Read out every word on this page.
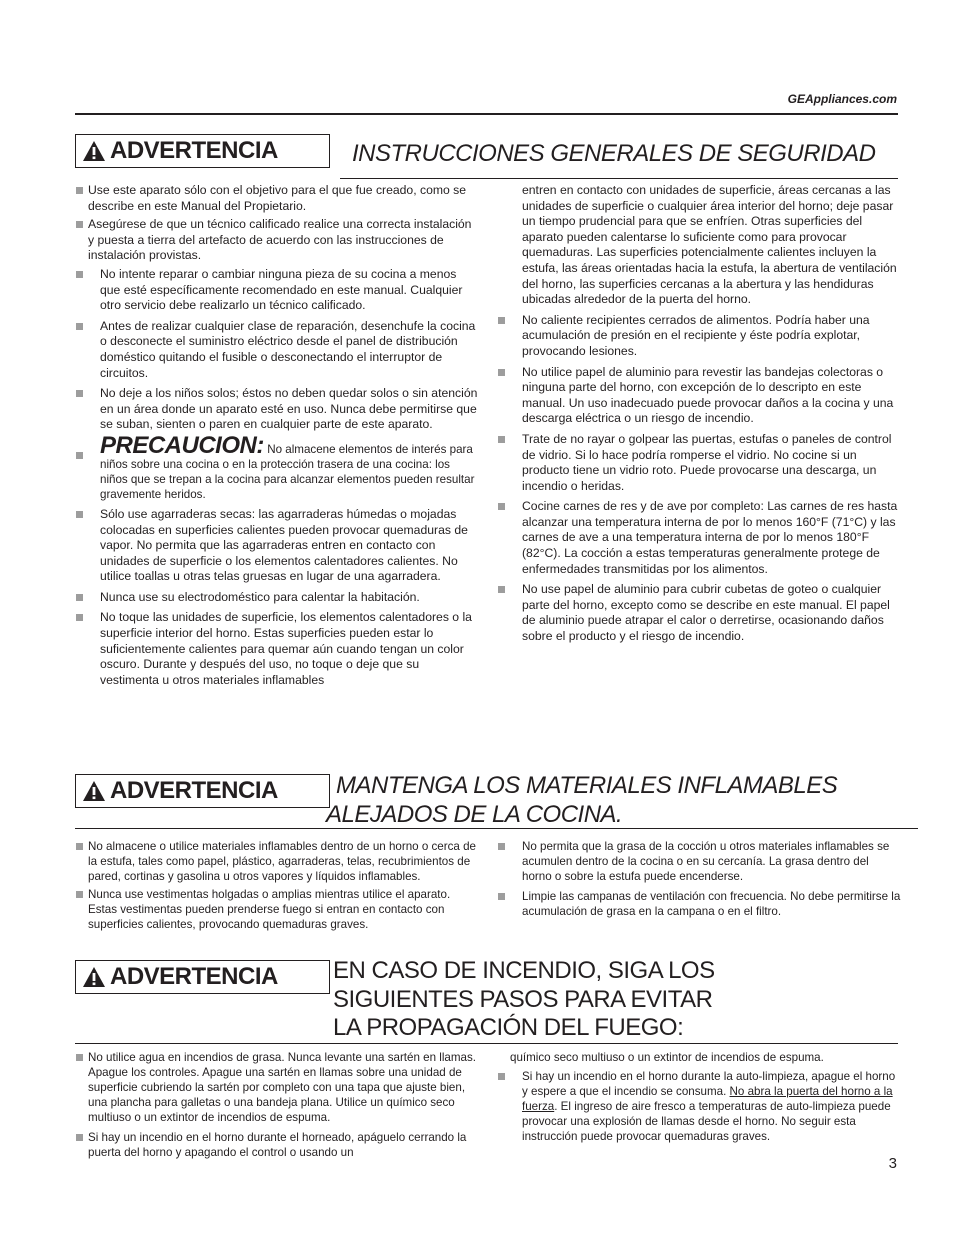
GEAppliances.com
ADVERTENCIA	INSTRUCCIONES GENERALES DE SEGURIDAD
Use este aparato sólo con el objetivo para el que fue creado, como se describe en este Manual del Propietario.
Asegúrese de que un técnico calificado realice una correcta instalación y puesta a tierra del artefacto de acuerdo con las instrucciones de instalación provistas.
No intente reparar o cambiar ninguna pieza de su cocina a menos que esté específicamente recomendado en este manual. Cualquier otro servicio debe realizarlo un técnico calificado.
Antes de realizar cualquier clase de reparación, desenchufe la cocina o desconecte el suministro eléctrico desde el panel de distribución doméstico quitando el fusible o desconectando el interruptor de circuitos.
No deje a los niños solos; éstos no deben quedar solos o sin atención en un área donde un aparato esté en uso. Nunca debe permitirse que se suban, sienten o paren en cualquier parte de este aparato.
PRECAUCION: No almacene elementos de interés para niños sobre una cocina o en la protección trasera de una cocina: los niños que se trepan a la cocina para alcanzar elementos pueden resultar gravemente heridos.
Sólo use agarraderas secas: las agarraderas húmedas o mojadas colocadas en superficies calientes pueden provocar quemaduras de vapor. No permita que las agarraderas entren en contacto con unidades de superficie o los elementos calentadores calientes. No utilice toallas u otras telas gruesas en lugar de una agarradera.
Nunca use su electrodoméstico para calentar la habitación.
No toque las unidades de superficie, los elementos calentadores o la superficie interior del horno. Estas superficies pueden estar lo suficientemente calientes para quemar aún cuando tengan un color oscuro. Durante y después del uso, no toque o deje que su vestimenta u otros materiales inflamables
entren en contacto con unidades de superficie, áreas cercanas a las unidades de superficie o cualquier área interior del horno; deje pasar un tiempo prudencial para que se enfríen. Otras superficies del aparato pueden calentarse lo suficiente como para provocar quemaduras. Las superficies potencialmente calientes incluyen la estufa, las áreas orientadas hacia la estufa, la abertura de ventilación del horno, las superficies cercanas a la abertura y las hendiduras ubicadas alrededor de la puerta del horno.
No caliente recipientes cerrados de alimentos. Podría haber una acumulación de presión en el recipiente y éste podría explotar, provocando lesiones.
No utilice papel de aluminio para revestir las bandejas colectoras o ninguna parte del horno, con excepción de lo descripto en este manual. Un uso inadecuado puede provocar daños a la cocina y una descarga eléctrica o un riesgo de incendio.
Trate de no rayar o golpear las puertas, estufas o paneles de control de vidrio. Si lo hace podría romperse el vidrio. No cocine si un producto tiene un vidrio roto. Puede provocarse una descarga, un incendio o heridas.
Cocine carnes de res y de ave por completo: Las carnes de res hasta alcanzar una temperatura interna de por lo menos 160°F (71°C) y las carnes de ave a una temperatura interna de por lo menos 180°F (82°C). La cocción a estas temperaturas generalmente protege de enfermedades transmitidas por los alimentos.
No use papel de aluminio para cubrir cubetas de goteo o cualquier parte del horno, excepto como se describe en este manual. El papel de aluminio puede atrapar el calor o derretirse, ocasionando daños sobre el producto y el riesgo de incendio.
ADVERTENCIA	MANTENGA LOS MATERIALES INFLAMABLES
ALEJADOS DE LA COCINA.
No almacene o utilice materiales inflamables dentro de un horno o cerca de la estufa, tales como papel, plástico, agarraderas, telas, recubrimientos de pared, cortinas y gasolina u otros vapores y líquidos inflamables.
Nunca use vestimentas holgadas o amplias mientras utilice el aparato. Estas vestimentas pueden prenderse fuego si entran en contacto con superficies calientes, provocando quemaduras graves.
No permita que la grasa de la cocción u otros materiales inflamables se acumulen dentro de la cocina o en su cercanía. La grasa dentro del horno o sobre la estufa puede encenderse.
Limpie las campanas de ventilación con frecuencia. No debe permitirse la acumulación de grasa en la campana o en el filtro.
ADVERTENCIA EN CASO DE INCENDIO, SIGA LOS
SIGUIENTES PASOS PARA EVITAR
LA PROPAGACIÓN DEL FUEGO:
No utilice agua en incendios de grasa. Nunca levante una sartén en llamas. Apague los controles. Apague una sartén en llamas sobre una unidad de superficie cubriendo la sartén por completo con una tapa que ajuste bien, una plancha para galletas o una bandeja plana. Utilice un químico seco multiuso o un extintor de incendios de espuma.
Si hay un incendio en el horno durante el horneado, apáguelo cerrando la puerta del horno y apagando el control o usando un
químico seco multiuso o un extintor de incendios de espuma.
Si hay un incendio en el horno durante la auto-limpieza, apague el horno y espere a que el incendio se consuma. No abra la puerta del horno a la fuerza. El ingreso de aire fresco a temperaturas de auto-limpieza puede provocar una explosión de llamas desde el horno. No seguir esta instrucción puede provocar quemaduras graves.
3
